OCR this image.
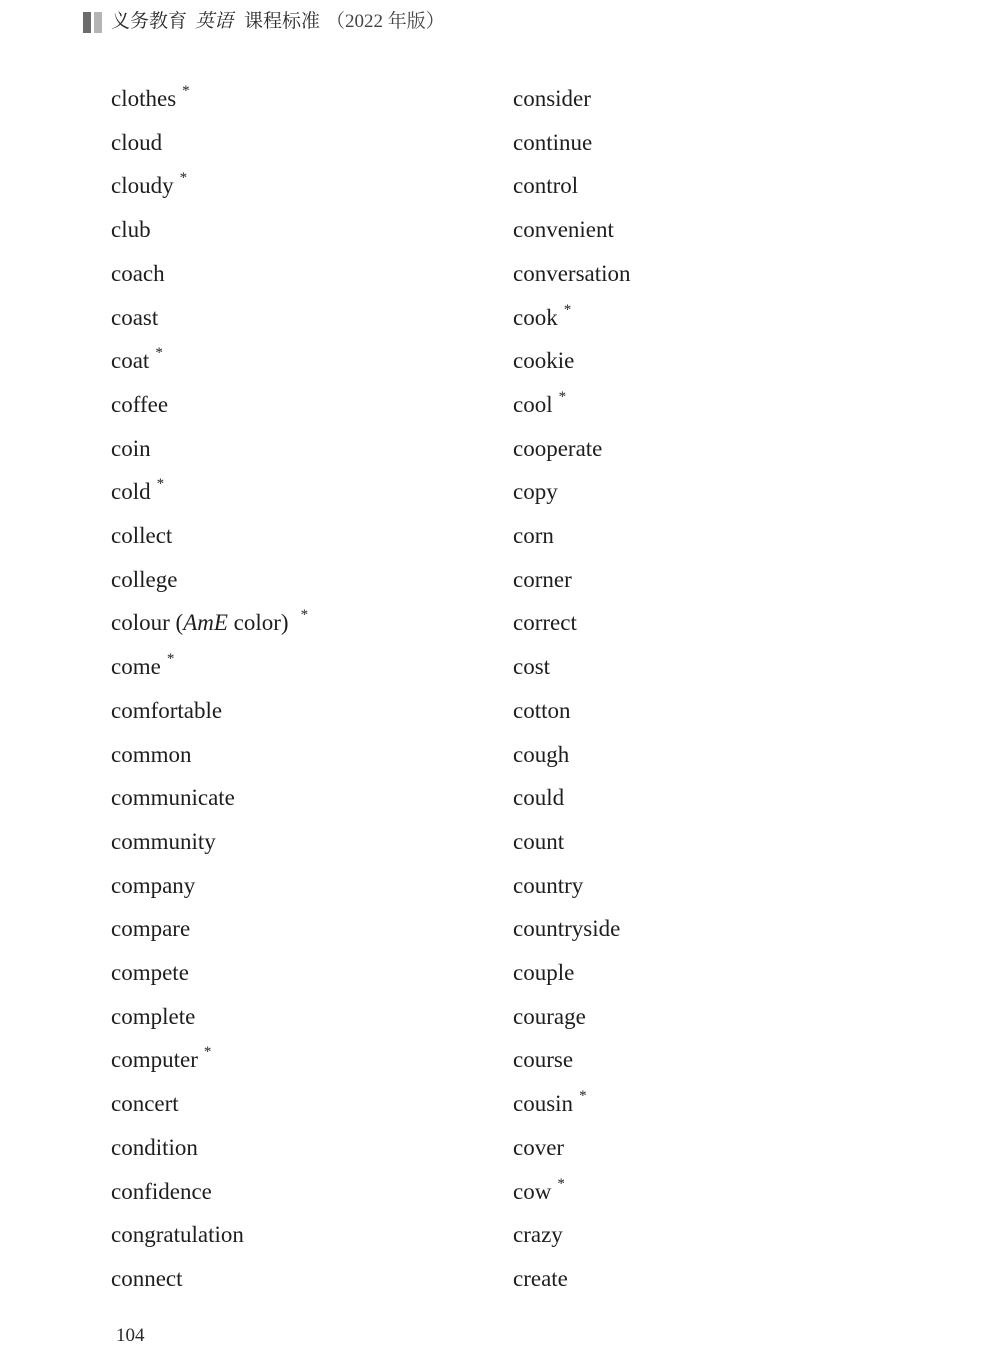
义务教育 英语 课程标准 （2022 年版）
clothes *
cloud
cloudy *
club
coach
coast
coat *
coffee
coin
cold *
collect
college
colour (AmE color) *
come *
comfortable
common
communicate
community
company
compare
compete
complete
computer *
concert
condition
confidence
congratulation
connect
consider
continue
control
convenient
conversation
cook *
cookie
cool *
cooperate
copy
corn
corner
correct
cost
cotton
cough
could
count
country
countryside
couple
courage
course
cousin *
cover
cow *
crazy
create
104
